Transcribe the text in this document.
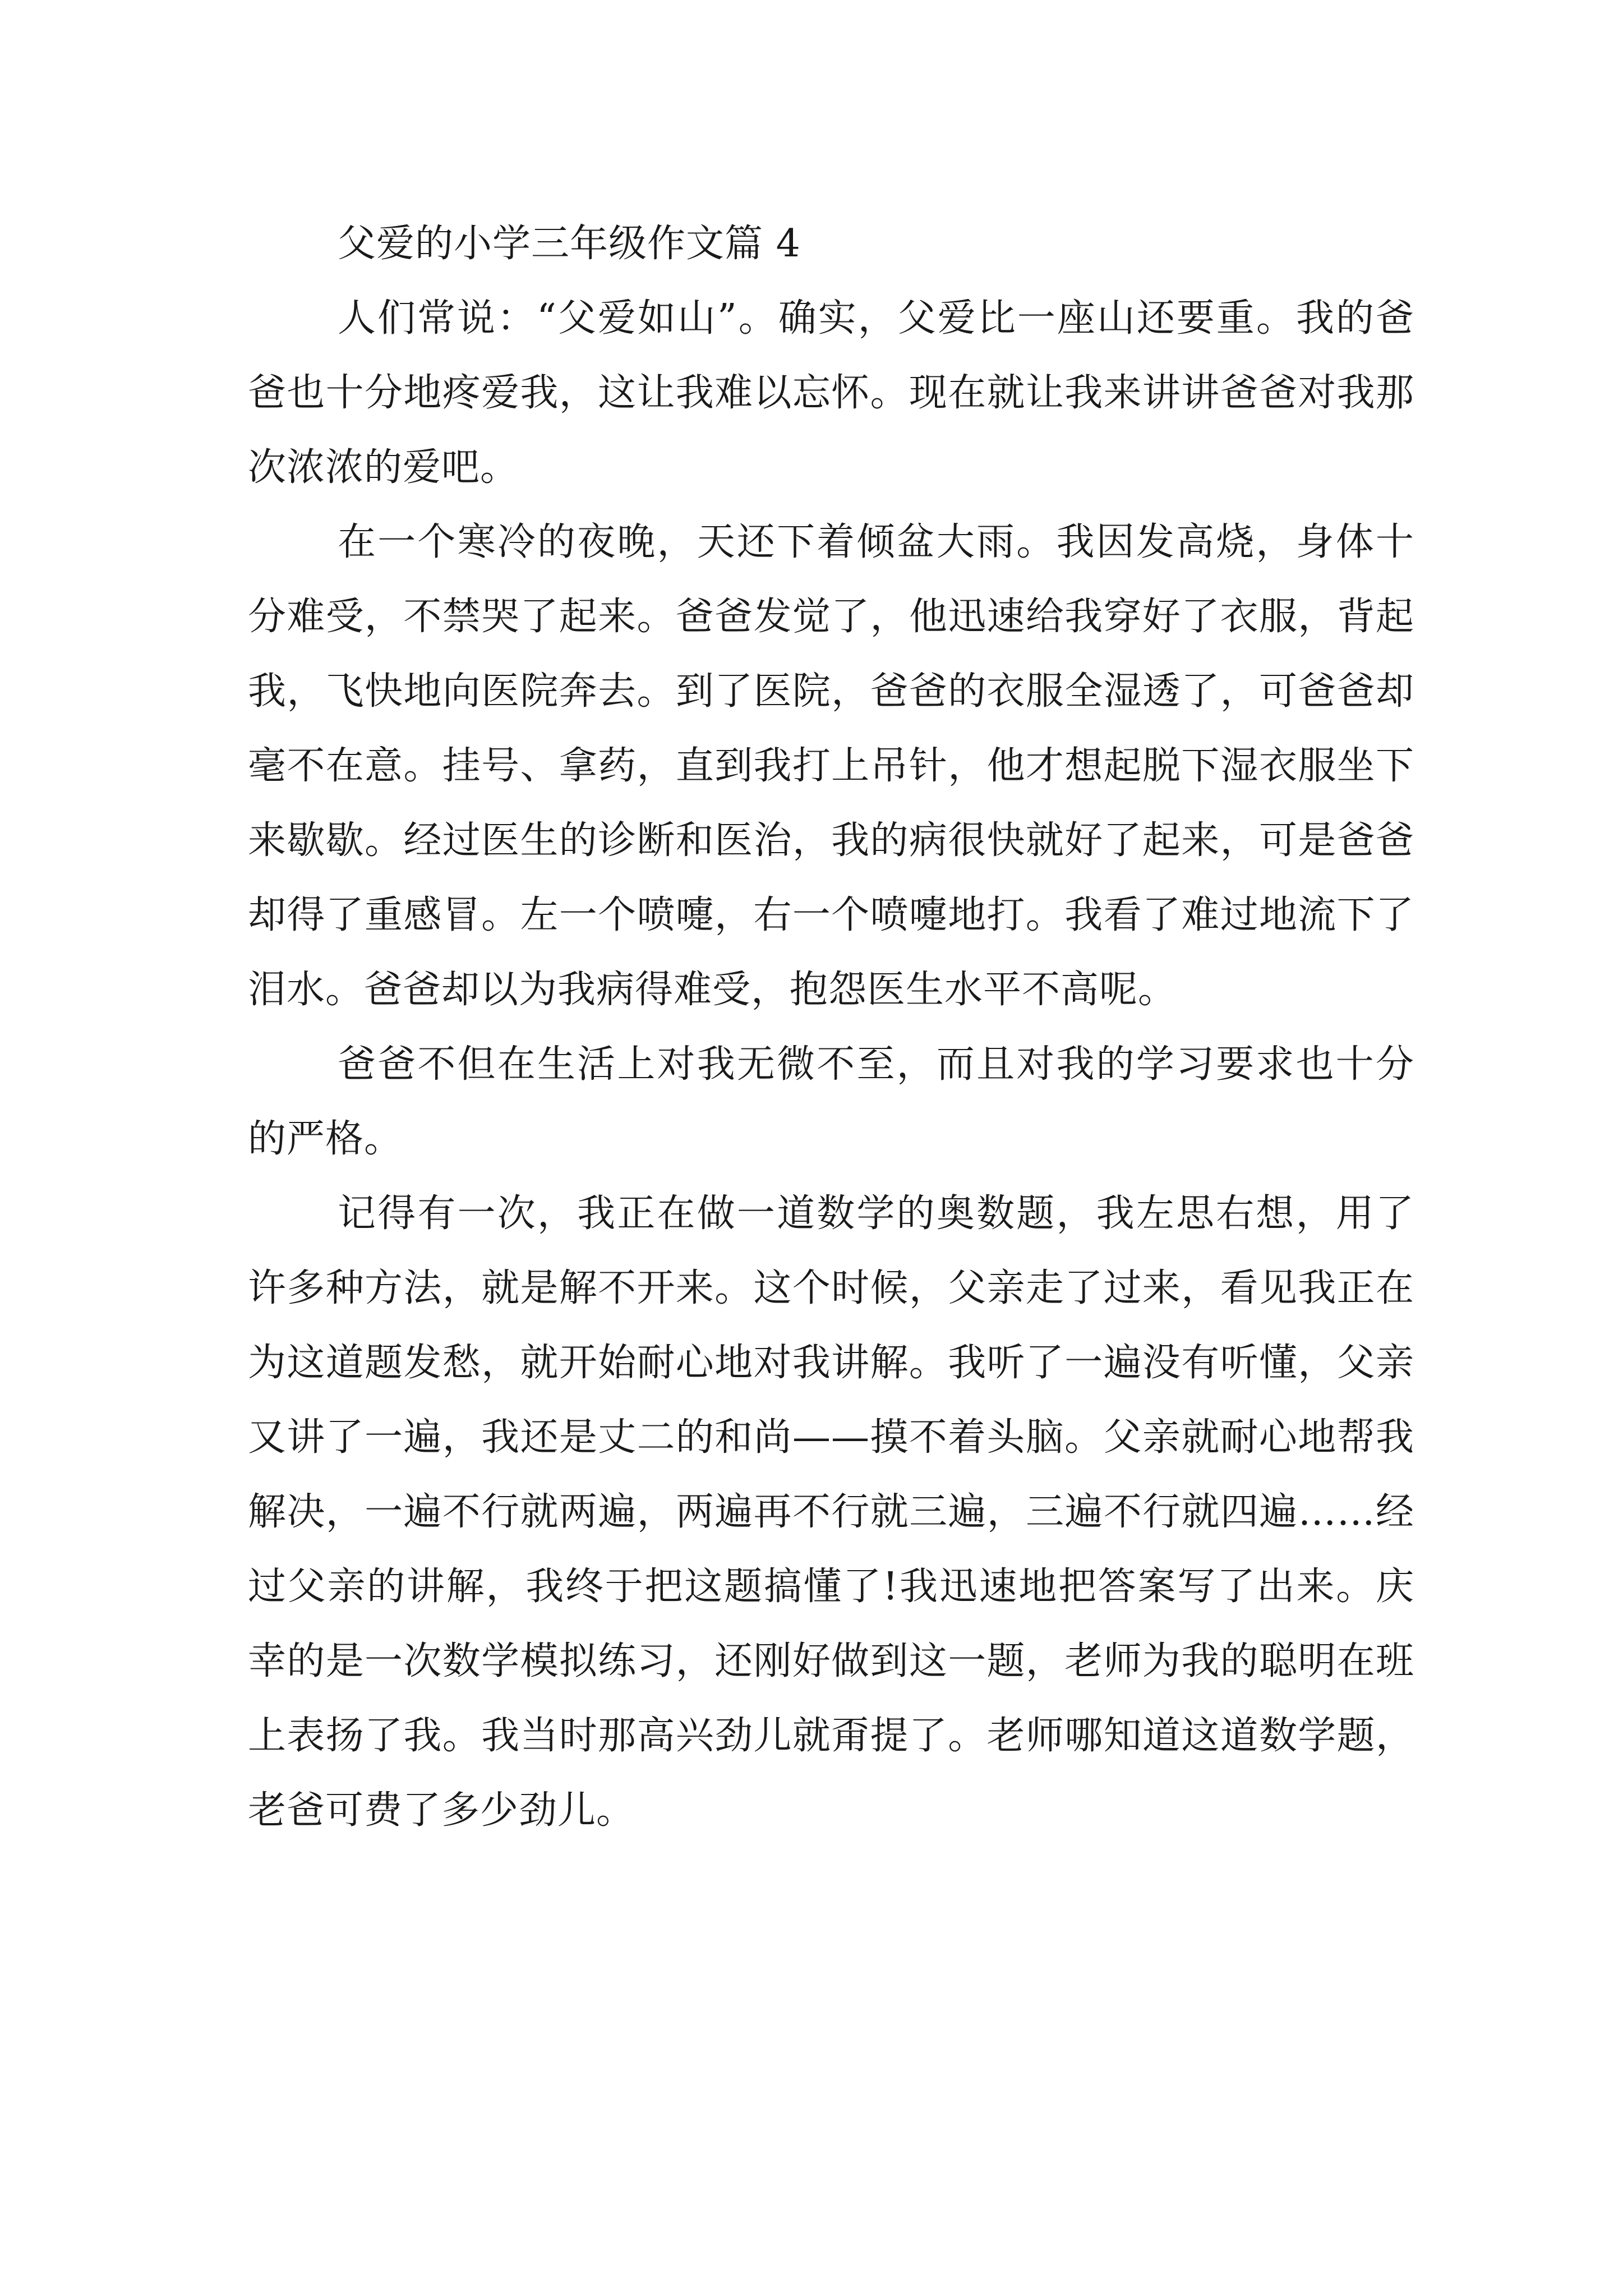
父爱的小学三年级作文篇 4

人们常说：“父爱如山”。确实，父爱比一座山还要重。我的爸爸也十分地疼爱我，这让我难以忘怀。现在就让我来讲讲爸爸对我那次浓浓的爱吧。

在一个寒冷的夜晚，天还下着倾盆大雨。我因发高烧，身体十分难受，不禁哭了起来。爸爸发觉了，他迅速给我穿好了衣服，背起我，飞快地向医院奔去。到了医院，爸爸的衣服全湿透了，可爸爸却毫不在意。挂号、拿药，直到我打上吊针，他才想起脱下湿衣服坐下来歇歇。经过医生的诊断和医治，我的病很快就好了起来，可是爸爸却得了重感冒。左一个喷嚏，右一个喷嚏地打。我看了难过地流下了泪水。爸爸却以为我病得难受，抱怨医生水平不高呢。

爸爸不但在生活上对我无微不至，而且对我的学习要求也十分的严格。

记得有一次，我正在做一道数学的奥数题，我左思右想，用了许多种方法，就是解不开来。这个时候，父亲走了过来，看见我正在为这道题发愁，就开始耐心地对我讲解。我听了一遍没有听懂，父亲又讲了一遍，我还是丈二的和尚——摸不着头脑。父亲就耐心地帮我解决，一遍不行就两遍，两遍再不行就三遍，三遍不行就四遍……经过父亲的讲解，我终于把这题搞懂了!我迅速地把答案写了出来。庆幸的是一次数学模拟练习，还刚好做到这一题，老师为我的聪明在班上表扬了我。我当时那高兴劲儿就甭提了。老师哪知道这道数学题，老爸可费了多少劲儿。
